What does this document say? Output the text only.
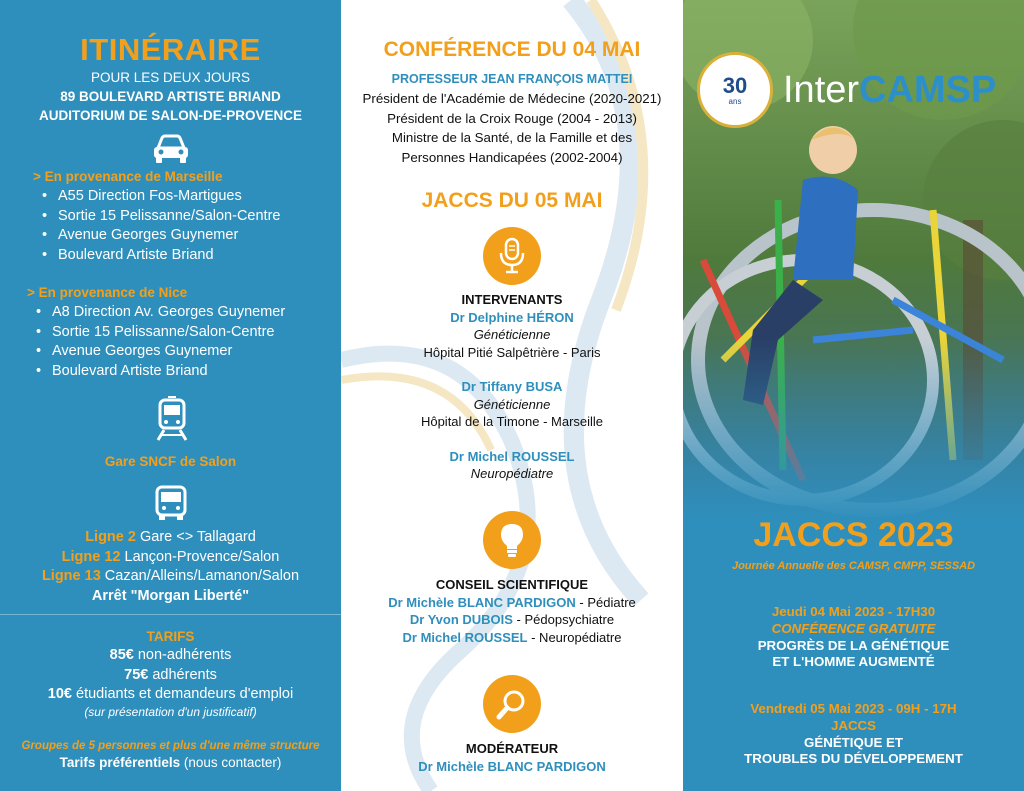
ITINÉRAIRE
POUR LES DEUX JOURS
89 BOULEVARD ARTISTE BRIAND
AUDITORIUM DE SALON-DE-PROVENCE
> En provenance de Marseille
• A55 Direction Fos-Martigues
• Sortie 15 Pelissanne/Salon-Centre
• Avenue Georges Guynemer
• Boulevard Artiste Briand
> En provenance de Nice
• A8 Direction Av. Georges Guynemer
• Sortie 15 Pelissanne/Salon-Centre
• Avenue Georges Guynemer
• Boulevard Artiste Briand
Gare SNCF de Salon
Ligne 2 Gare <> Tallagard
Ligne 12 Lançon-Provence/Salon
Ligne 13 Cazan/Alleins/Lamanon/Salon
Arrêt "Morgan Liberté"
TARIFS
85€ non-adhérents
75€ adhérents
10€ étudiants et demandeurs d'emploi
(sur présentation d'un justificatif)
Groupes de 5 personnes et plus d'une même structure
Tarifs préférentiels (nous contacter)
CONFÉRENCE DU 04 MAI
PROFESSEUR JEAN FRANÇOIS MATTEI
Président de l'Académie de Médecine (2020-2021)
Président de la Croix Rouge (2004 - 2013)
Ministre de la Santé, de la Famille et des
Personnes Handicapées (2002-2004)
JACCS DU 05 MAI
INTERVENANTS
Dr Delphine HÉRON
Généticienne
Hôpital Pitié Salpêtrière - Paris
Dr Tiffany BUSA
Généticienne
Hôpital de la Timone - Marseille
Dr Michel ROUSSEL
Neuropédiatre
CONSEIL SCIENTIFIQUE
Dr Michèle BLANC PARDIGON - Pédiatre
Dr Yvon DUBOIS - Pédopsychiatre
Dr Michel ROUSSEL - Neuropédiatre
MODÉRATEUR
Dr Michèle BLANC PARDIGON
30
ans InterCAMSP
JACCS 2023
Journée Annuelle des CAMSP, CMPP, SESSAD
Jeudi 04 Mai 2023 - 17H30
CONFÉRENCE GRATUITE
PROGRÈS DE LA GÉNÉTIQUE
ET L'HOMME AUGMENTÉ
Vendredi 05 Mai 2023 - 09H - 17H
JACCS
GÉNÉTIQUE ET
TROUBLES DU DÉVELOPPEMENT
